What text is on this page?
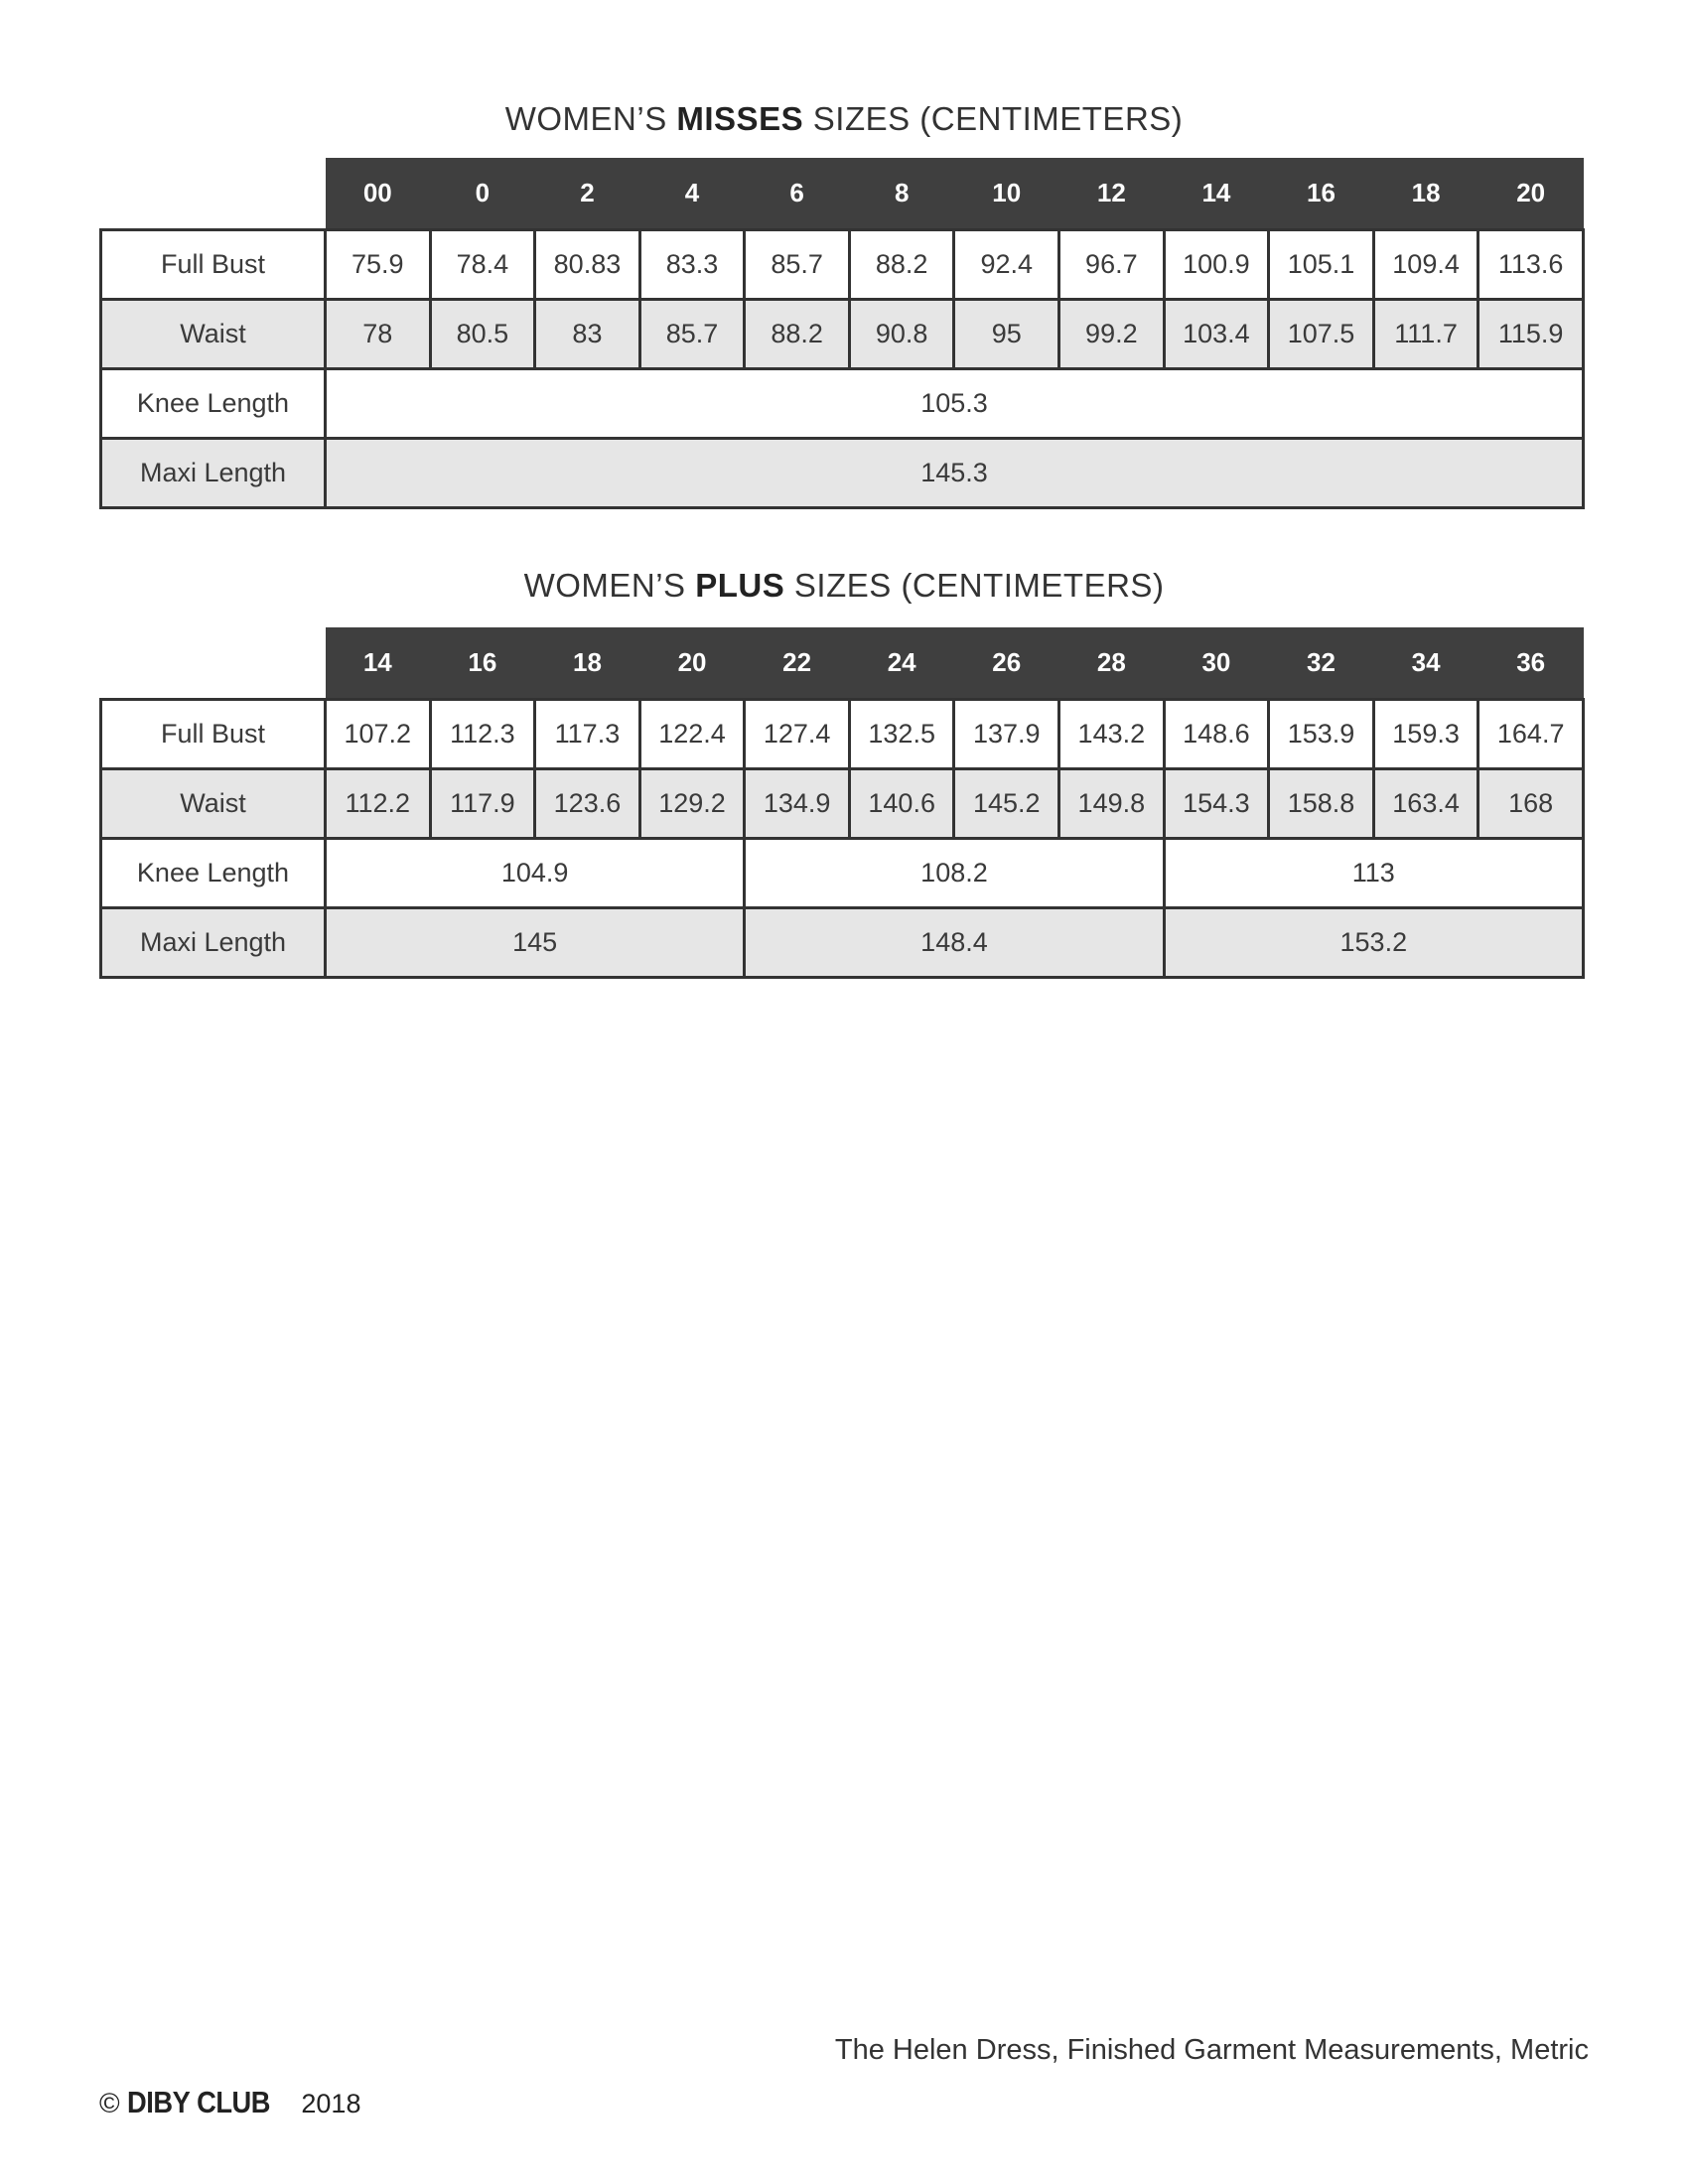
WOMEN’S MISSES SIZES (CENTIMETERS)
	00	0	2	4	6	8	10	12	14	16	18	20
Full Bust	75.9	78.4	80.83	83.3	85.7	88.2	92.4	96.7	100.9	105.1	109.4	113.6
Waist	78	80.5	83	85.7	88.2	90.8	95	99.2	103.4	107.5	111.7	115.9
Knee Length	105.3											
Maxi Length	145.3											
WOMEN’S PLUS SIZES (CENTIMETERS)
	14	16	18	20	22	24	26	28	30	32	34	36
Full Bust	107.2	112.3	117.3	122.4	127.4	132.5	137.9	143.2	148.6	153.9	159.3	164.7
Waist	112.2	117.9	123.6	129.2	134.9	140.6	145.2	149.8	154.3	158.8	163.4	168
Knee Length	104.9				108.2				113			
Maxi Length	145				148.4				153.2			
The Helen Dress, Finished Garment Measurements, Metric
© DIBY CLUB 2018
